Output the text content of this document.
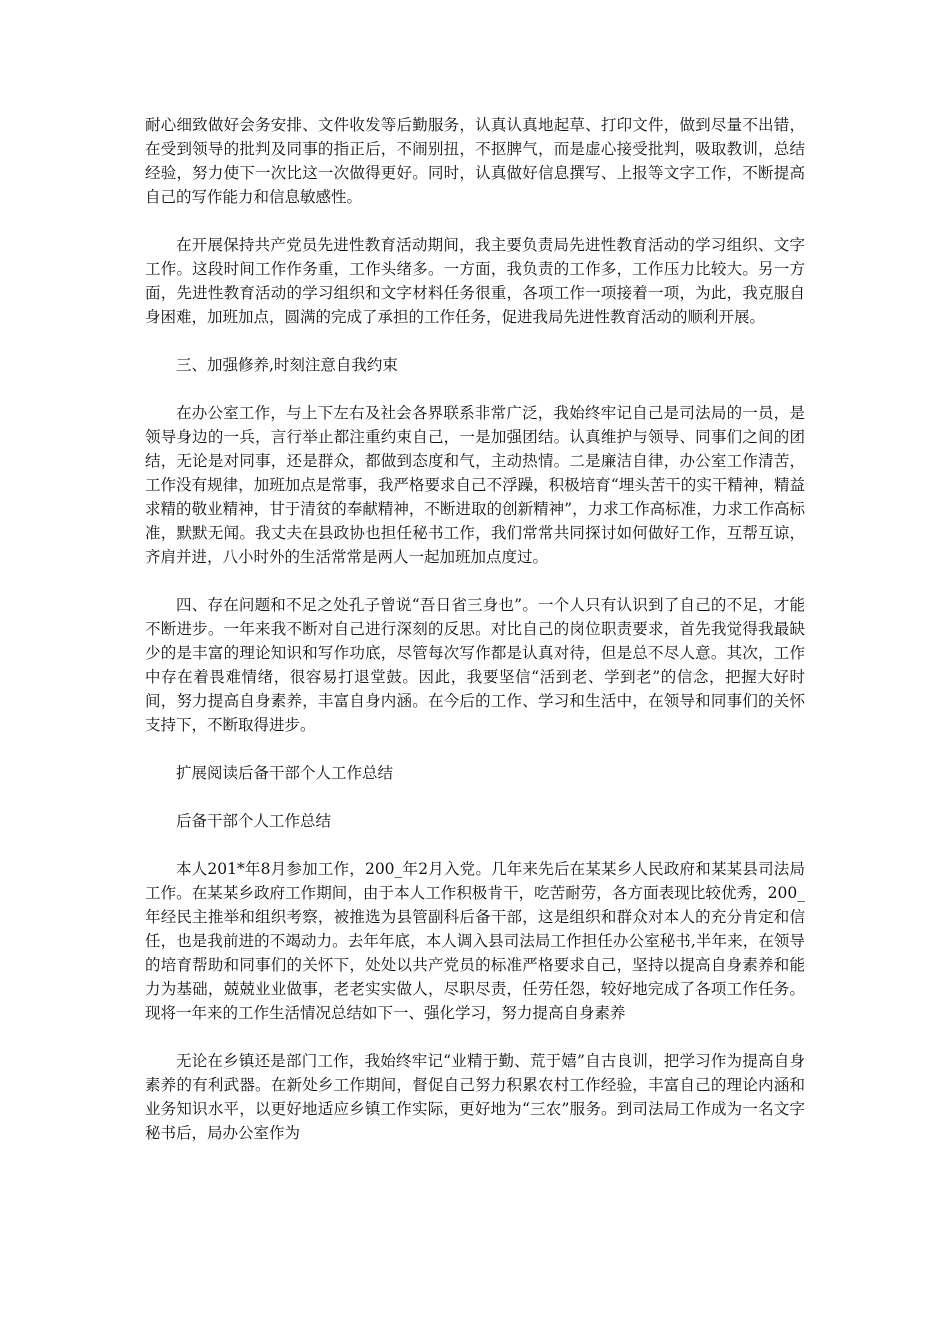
耐心细致做好会务安排、文件收发等后勤服务，认真认真地起草、打印文件，做到尽量不出错，在受到领导的批判及同事的指正后，不闹别扭，不抠脾气，而是虚心接受批判，吸取教训，总结经验，努力使下一次比这一次做得更好。同时，认真做好信息撰写、上报等文字工作，不断提高自己的写作能力和信息敏感性。

在开展保持共产党员先进性教育活动期间，我主要负责局先进性教育活动的学习组织、文字工作。这段时间工作作务重，工作头绪多。一方面，我负责的工作多，工作压力比较大。另一方面，先进性教育活动的学习组织和文字材料任务很重，各项工作一项接着一项，为此，我克服自身困难，加班加点，圆满的完成了承担的工作任务，促进我局先进性教育活动的顺利开展。

三、加强修养,时刻注意自我约束

在办公室工作，与上下左右及社会各界联系非常广泛，我始终牢记自己是司法局的一员，是领导身边的一兵，言行举止都注重约束自己，一是加强团结。认真维护与领导、同事们之间的团结，无论是对同事，还是群众，都做到态度和气，主动热情。二是廉洁自律，办公室工作清苦，工作没有规律，加班加点是常事，我严格要求自己不浮躁，积极培育“埋头苦干的实干精神，精益求精的敬业精神，甘于清贫的奉献精神，不断进取的创新精神”，力求工作高标准，力求工作高标准，默默无闻。我丈夫在县政协也担任秘书工作，我们常常共同探讨如何做好工作，互帮互谅，齐肩并进，八小时外的生活常常是两人一起加班加点度过。

四、存在问题和不足之处孔子曾说“吾日省三身也”。一个人只有认识到了自己的不足，才能不断进步。一年来我不断对自己进行深刻的反思。对比自己的岗位职责要求，首先我觉得我最缺少的是丰富的理论知识和写作功底，尽管每次写作都是认真对待，但是总不尽人意。其次，工作中存在着畏难情绪，很容易打退堂鼓。因此，我要坚信“活到老、学到老”的信念，把握大好时间，努力提高自身素养，丰富自身内涵。在今后的工作、学习和生活中，在领导和同事们的关怀支持下，不断取得进步。

扩展阅读后备干部个人工作总结

后备干部个人工作总结

本人201*年8月参加工作，200_年2月入党。几年来先后在某某乡人民政府和某某县司法局工作。在某某乡政府工作期间，由于本人工作积极肯干，吃苦耐劳，各方面表现比较优秀，200_年经民主推举和组织考察，被推选为县管副科后备干部，这是组织和群众对本人的充分肯定和信任，也是我前进的不竭动力。去年年底，本人调入县司法局工作担任办公室秘书,半年来，在领导的培育帮助和同事们的关怀下，处处以共产党员的标准严格要求自己，坚持以提高自身素养和能力为基础，兢兢业业做事，老老实实做人，尽职尽责，任劳任怨，较好地完成了各项工作任务。现将一年来的工作生活情况总结如下一、强化学习，努力提高自身素养

无论在乡镇还是部门工作，我始终牢记“业精于勤、荒于嬉”自古良训，把学习作为提高自身素养的有利武器。在新处乡工作期间，督促自己努力积累农村工作经验，丰富自己的理论内涵和业务知识水平，以更好地适应乡镇工作实际，更好地为“三农”服务。到司法局工作成为一名文字秘书后，局办公室作为
